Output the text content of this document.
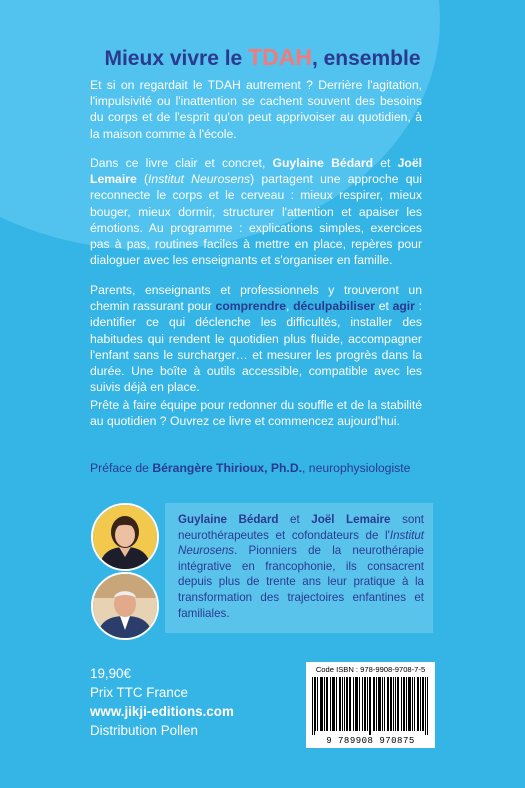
Mieux vivre le TDAH, ensemble
Et si on regardait le TDAH autrement ? Derrière l'agitation, l'impulsivité ou l'inattention se cachent souvent des besoins du corps et de l'esprit qu'on peut apprivoiser au quotidien, à la maison comme à l'école.
Dans ce livre clair et concret, Guylaine Bédard et Joël Lemaire (Institut Neurosens) partagent une approche qui reconnecte le corps et le cerveau : mieux respirer, mieux bouger, mieux dormir, structurer l'attention et apaiser les émotions. Au programme : explications simples, exercices pas à pas, routines faciles à mettre en place, repères pour dialoguer avec les enseignants et s'organiser en famille.
Parents, enseignants et professionnels y trouveront un chemin rassurant pour comprendre, déculpabiliser et agir : identifier ce qui déclenche les difficultés, installer des habitudes qui rendent le quotidien plus fluide, accompagner l'enfant sans le surcharger… et mesurer les progrès dans la durée. Une boîte à outils accessible, compatible avec les suivis déjà en place.
Prête à faire équipe pour redonner du souffle et de la stabilité au quotidien ? Ouvrez ce livre et commencez aujourd'hui.
Préface de Bérangère Thirioux, Ph.D., neurophysiologiste
Guylaine Bédard et Joël Lemaire sont neurothérapeutes et cofondateurs de l'Institut Neurosens. Pionniers de la neurothérapie intégrative en francophonie, ils consacrent depuis plus de trente ans leur pratique à la transformation des trajectoires enfantines et familiales.
19,90€
Prix TTC France
www.jikji-editions.com
Distribution Pollen
Code ISBN : 978-9908-9708-7-5
9 789908 970875
